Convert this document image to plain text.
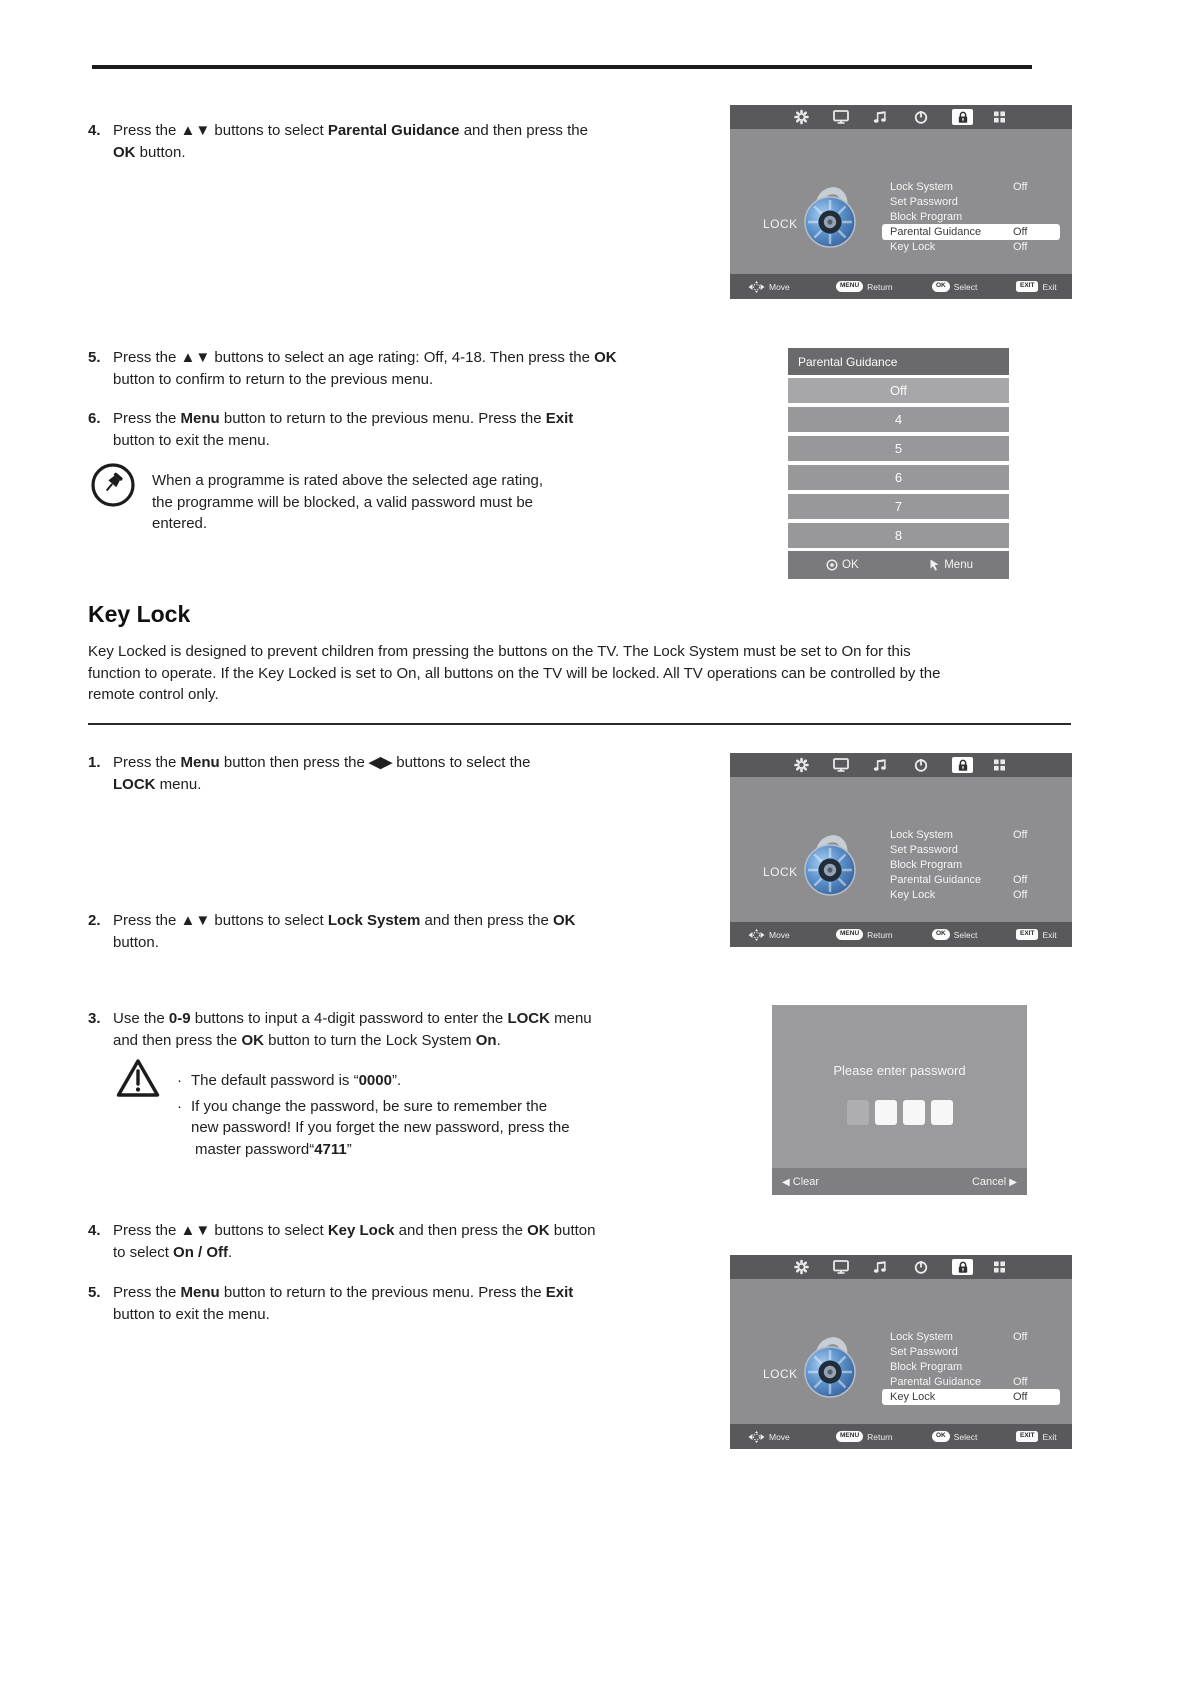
4. Press the ▲▼ buttons to select Parental Guidance and then press the
OK button.
5. Press the ▲▼ buttons to select an age rating: Off, 4-18. Then press the OK
button to confirm to return to the previous menu.
6. Press the Menu button to return to the previous menu. Press the Exit
button to exit the menu.
When a programme is rated above the selected age rating,
the programme will be blocked, a valid password must be
entered.
Key Lock
Key Locked is designed to prevent children from pressing the buttons on the TV. The Lock System must be set to On for this
function to operate. If the Key Locked is set to On, all buttons on the TV will be locked. All TV operations can be controlled by the
remote control only.
1. Press the Menu button then press the ◀▶ buttons to select the
LOCK menu.
2. Press the ▲▼ buttons to select Lock System and then press the OK
button.
3. Use the 0-9 buttons to input a 4-digit password to enter the LOCK menu
and then press the OK button to turn the Lock System On.
· The default password is “0000”.
· If you change the password, be sure to remember the
new password! If you forget the new password, press the
master password“4711”
4. Press the ▲▼ buttons to select Key Lock and then press the OK button
to select On / Off.
5. Press the Menu button to return to the previous menu. Press the Exit
button to exit the menu.
LOCK
Lock System	Off
Set Password
Block Program
Parental Guidance	Off
Key Lock	Off
Move	MENU Return	OK Select	EXIT Exit
Parental Guidance
Off
4
5
6
7
8
OK	Menu
LOCK
Lock System	Off
Set Password
Block Program
Parental Guidance	Off
Key Lock	Off
Move	MENU Return	OK Select	EXIT Exit
Please enter password
◀ Clear	Cancel ▶
LOCK
Lock System	Off
Set Password
Block Program
Parental Guidance	Off
Key Lock	Off
Move	MENU Return	OK Select	EXIT Exit
